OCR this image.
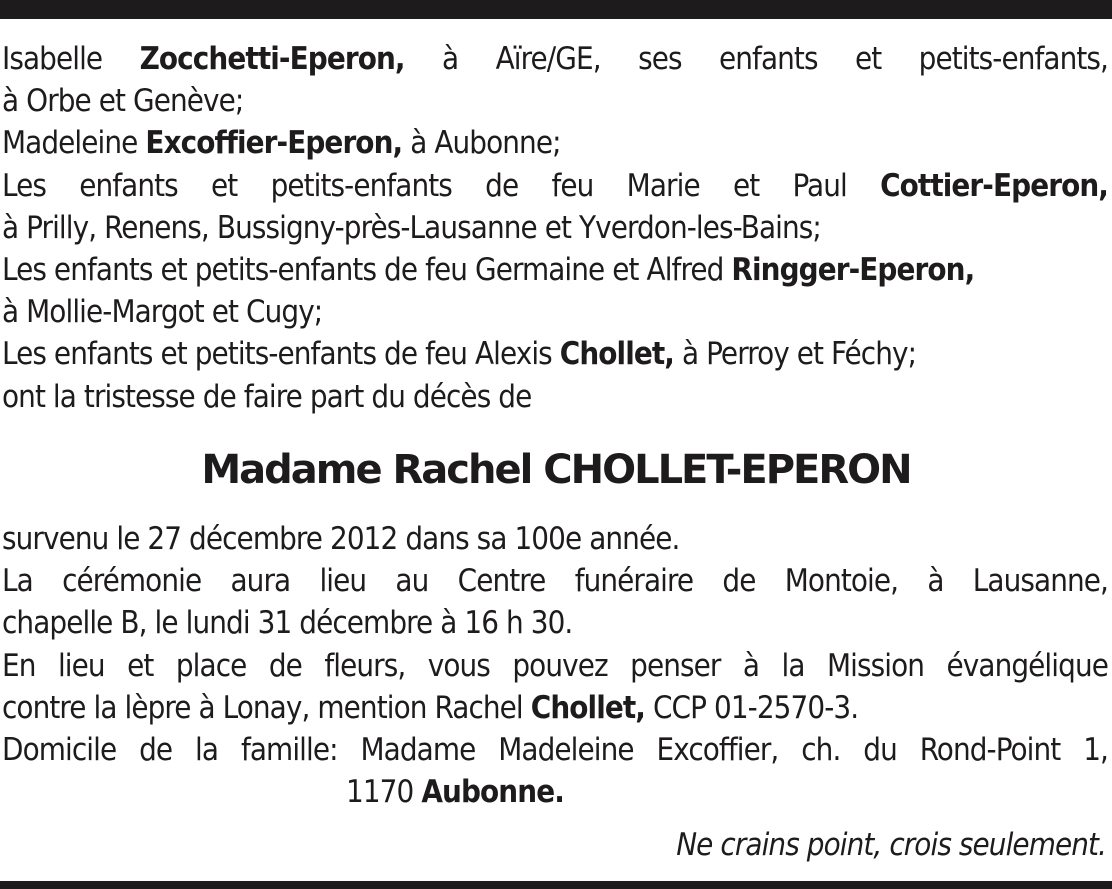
Isabelle Zocchetti-Eperon, à Aïre/GE, ses enfants et petits-enfants,
à Orbe et Genève;
Madeleine Excoffier-Eperon, à Aubonne;
Les enfants et petits-enfants de feu Marie et Paul Cottier-Eperon,
à Prilly, Renens, Bussigny-près-Lausanne et Yverdon-les-Bains;
Les enfants et petits-enfants de feu Germaine et Alfred Ringger-Eperon,
à Mollie-Margot et Cugy;
Les enfants et petits-enfants de feu Alexis Chollet, à Perroy et Féchy;
ont la tristesse de faire part du décès de
Madame Rachel CHOLLET-EPERON
survenu le 27 décembre 2012 dans sa 100e année.
La cérémonie aura lieu au Centre funéraire de Montoie, à Lausanne,
chapelle B, le lundi 31 décembre à 16 h 30.
En lieu et place de fleurs, vous pouvez penser à la Mission évangélique
contre la lèpre à Lonay, mention Rachel Chollet, CCP 01-2570-3.
Domicile de la famille: Madame Madeleine Excoffier, ch. du Rond-Point 1,
1170 Aubonne.
Ne crains point, crois seulement.
